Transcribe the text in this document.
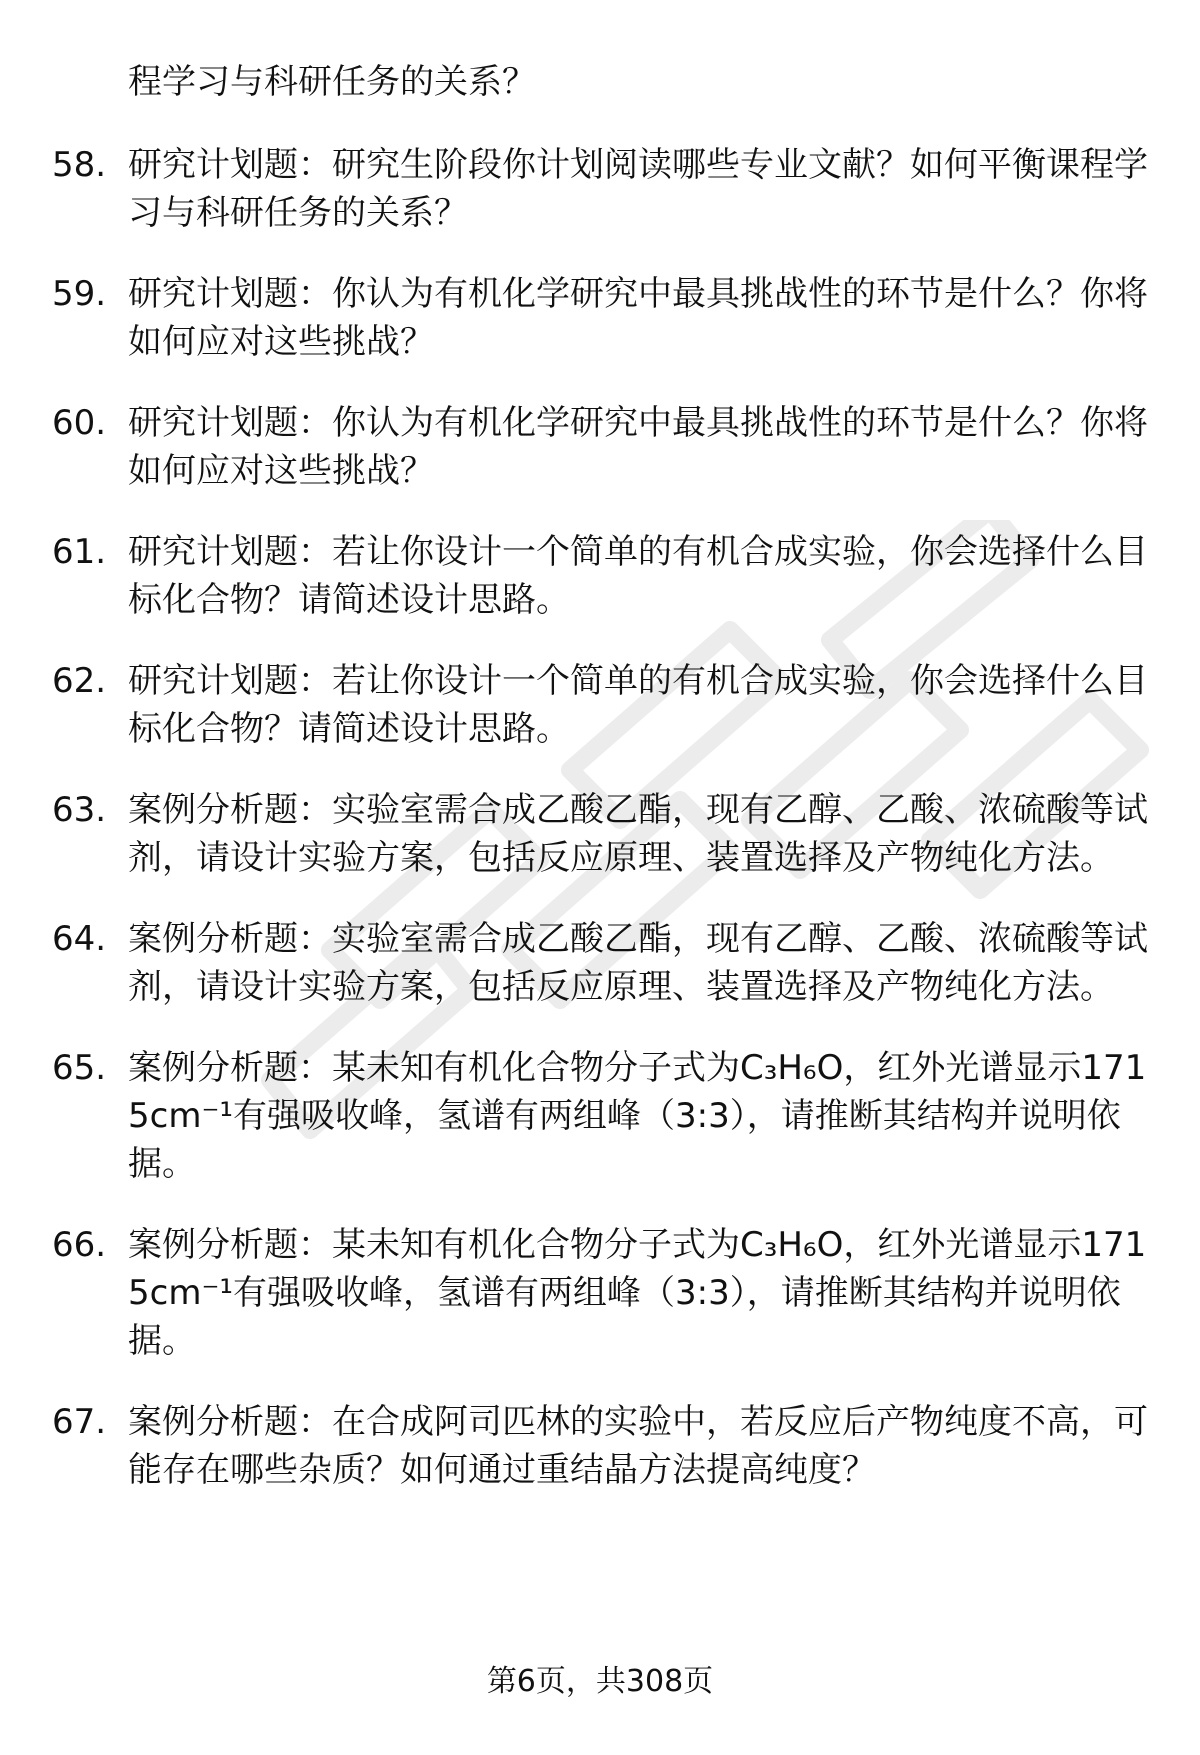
程学习与科研任务的关系？
58. 研究计划题：研究生阶段你计划阅读哪些专业文献？如何平衡课程学习与科研任务的关系？
59. 研究计划题：你认为有机化学研究中最具挑战性的环节是什么？你将如何应对这些挑战？
60. 研究计划题：你认为有机化学研究中最具挑战性的环节是什么？你将如何应对这些挑战？
61. 研究计划题：若让你设计一个简单的有机合成实验，你会选择什么目标化合物？请简述设计思路。
62. 研究计划题：若让你设计一个简单的有机合成实验，你会选择什么目标化合物？请简述设计思路。
63. 案例分析题：实验室需合成乙酸乙酯，现有乙醇、乙酸、浓硫酸等试剂，请设计实验方案，包括反应原理、装置选择及产物纯化方法。
64. 案例分析题：实验室需合成乙酸乙酯，现有乙醇、乙酸、浓硫酸等试剂，请设计实验方案，包括反应原理、装置选择及产物纯化方法。
65. 案例分析题：某未知有机化合物分子式为C₃H₆O，红外光谱显示1715cm⁻¹有强吸收峰，氢谱有两组峰（3:3），请推断其结构并说明依据。
66. 案例分析题：某未知有机化合物分子式为C₃H₆O，红外光谱显示1715cm⁻¹有强吸收峰，氢谱有两组峰（3:3），请推断其结构并说明依据。
67. 案例分析题：在合成阿司匹林的实验中，若反应后产物纯度不高，可能存在哪些杂质？如何通过重结晶方法提高纯度？
第6页，共308页
